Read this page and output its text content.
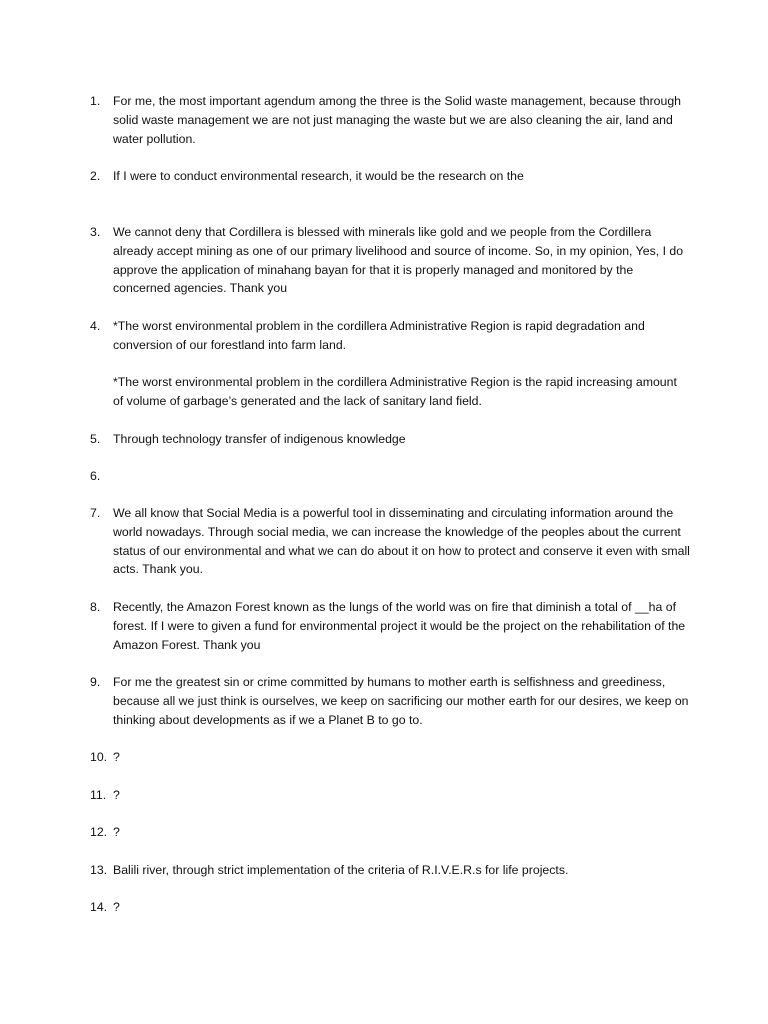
1.	For me, the most important agendum among the three is the Solid waste management, because through solid waste management we are not just managing the waste but we are also cleaning the air, land and water pollution.

2.	If I were to conduct environmental research, it would be the research on the

3.	We cannot deny that Cordillera is blessed with minerals like gold and we people from the Cordillera already accept mining as one of our primary livelihood and source of income. So, in my opinion, Yes, I do approve the application of minahang bayan for that it is properly managed and monitored by the concerned agencies. Thank you

4.	*The worst environmental problem in the cordillera Administrative Region is rapid degradation and conversion of our forestland into farm land.

*The worst environmental problem in the cordillera Administrative Region is the rapid increasing amount of volume of garbage’s generated and the lack of sanitary land field.

5.	Through technology transfer of indigenous knowledge

6.

7.	We all know that Social Media is a powerful tool in disseminating and circulating information around the world nowadays. Through social media, we can increase the knowledge of the peoples about the current status of our environmental and what we can do about it on how to protect and conserve it even with small acts. Thank you.

8.	Recently, the Amazon Forest known as the lungs of the world was on fire that diminish a total of __ha of forest. If I were to given a fund for environmental project it would be the project on the rehabilitation of the Amazon Forest. Thank you

9.	For me the greatest sin or crime committed by humans to mother earth is selfishness and greediness, because all we just think is ourselves, we keep on sacrificing our mother earth for our desires, we keep on thinking about developments as if we a Planet B to go to.

10. ?

11. ?

12. ?

13. Balili river, through strict implementation of the criteria of R.I.V.E.R.s for life projects.

14. ?
